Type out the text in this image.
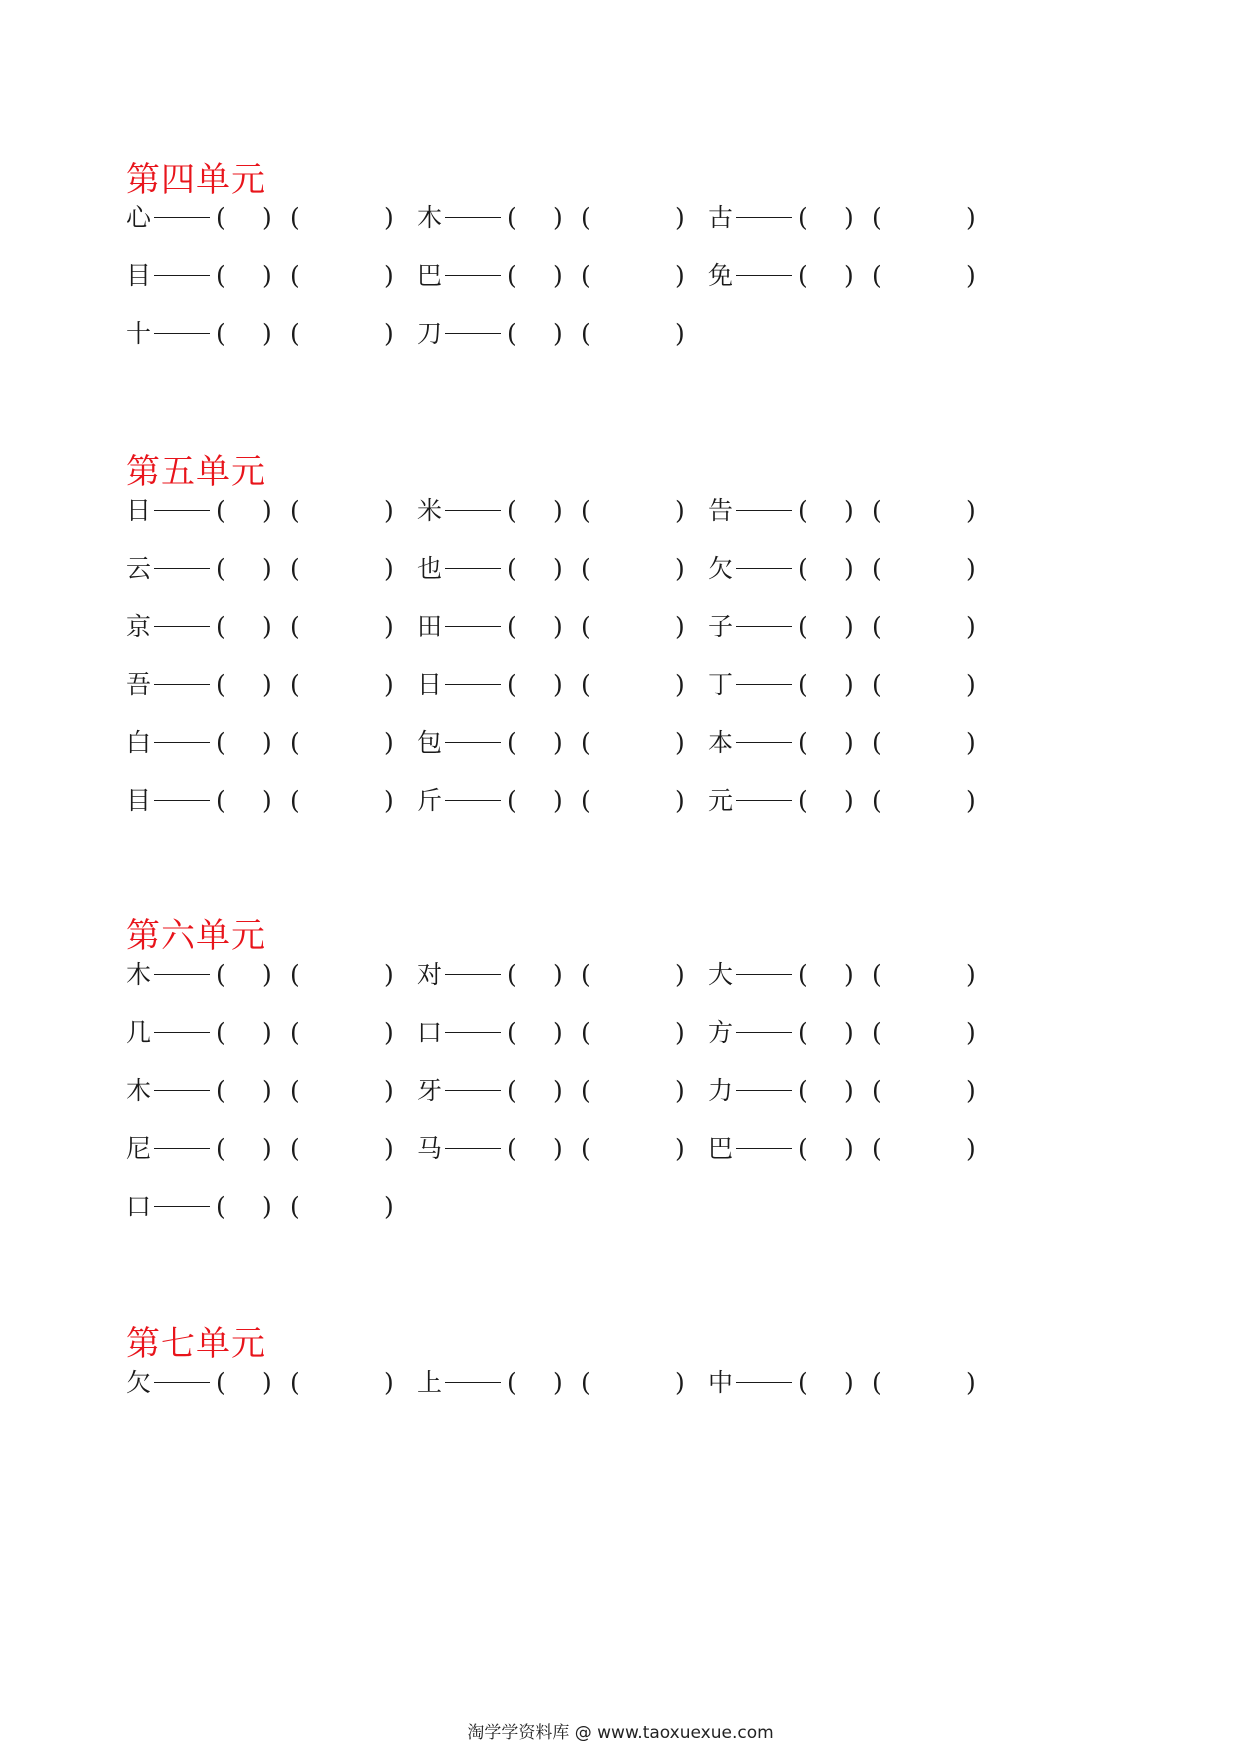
第四单元
心	( ) (	) 木	( ) (	) 古	( ) (	)
目	( ) (	) 巴	( ) (	) 免	( ) (	)
十	( ) (	) 刀	( ) (	)
第五单元
日	( ) (	) 米	( ) (	) 告	( ) (	)
云	( ) (	) 也	( ) (	) 欠	( ) (	)
京	( ) (	) 田	( ) (	) 子	( ) (	)
吾	( ) (	) 日	( ) (	) 丁	( ) (	)
白	( ) (	) 包	( ) (	) 本	( ) (	)
目	( ) (	) 斤	( ) (	) 元	( ) (	)
第六单元
木	( ) (	) 对	( ) (	) 大	( ) (	)
几	( ) (	) 口	( ) (	) 方	( ) (	)
木	( ) (	) 牙	( ) (	) 力	( ) (	)
尼	( ) (	) 马	( ) (	) 巴	( ) (	)
口	( ) (	)
第七单元
欠	( ) (	) 上	( ) (	) 中	( ) (	)
淘学学资料库 @ www.taoxuexue.com
